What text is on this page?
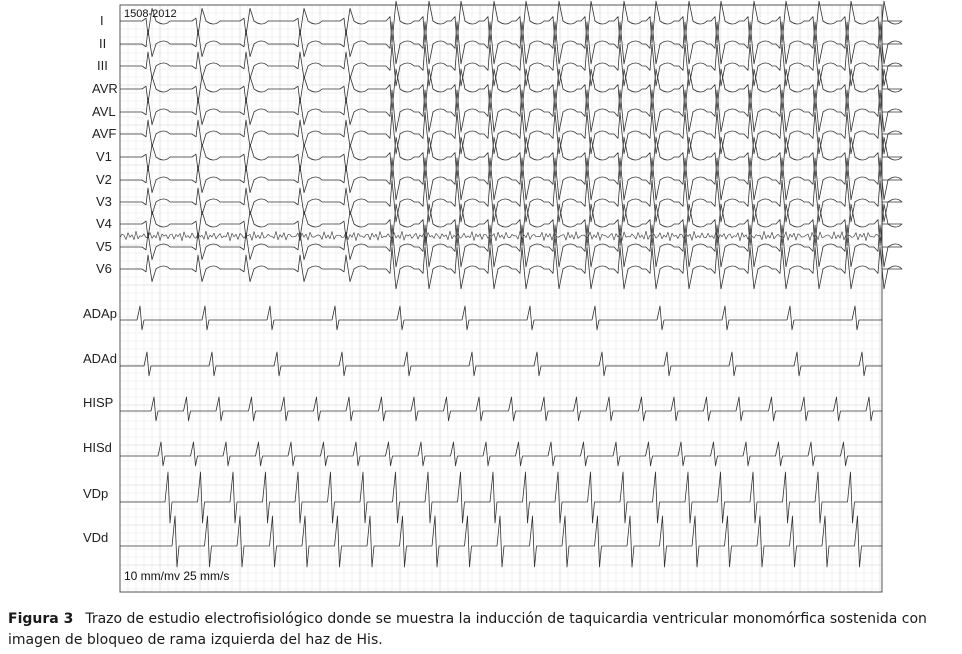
1508-2012
10 mm/mv 25 mm/s
I
II
III
AVR
AVL
AVF
V1
V2
V3
V4
V5
V6
ADAp
ADAd
HISP
HISd
VDp
VDd
Figura 3 Trazo de estudio electrofisiológico donde se muestra la inducción de taquicardia ventricular monomórfica sostenida con imagen de bloqueo de rama izquierda del haz de His.
